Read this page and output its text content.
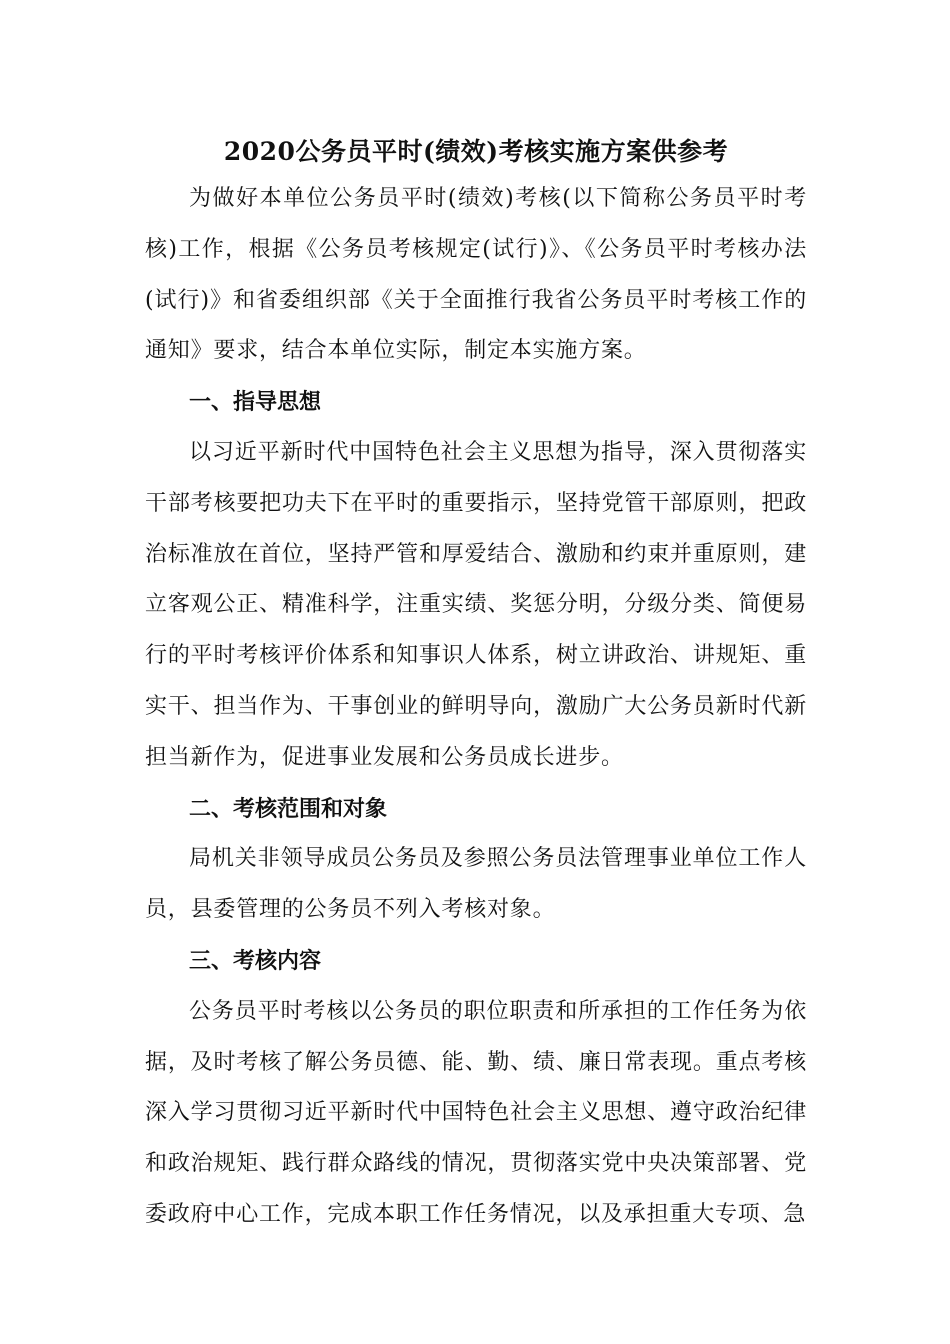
2020公务员平时(绩效)考核实施方案供参考

为做好本单位公务员平时(绩效)考核(以下简称公务员平时考核)工作，根据《公务员考核规定(试行)》、《公务员平时考核办法(试行)》和省委组织部《关于全面推行我省公务员平时考核工作的通知》要求，结合本单位实际，制定本实施方案。

一、指导思想

以习近平新时代中国特色社会主义思想为指导，深入贯彻落实干部考核要把功夫下在平时的重要指示，坚持党管干部原则，把政治标准放在首位，坚持严管和厚爱结合、激励和约束并重原则，建立客观公正、精准科学，注重实绩、奖惩分明，分级分类、简便易行的平时考核评价体系和知事识人体系，树立讲政治、讲规矩、重实干、担当作为、干事创业的鲜明导向，激励广大公务员新时代新担当新作为，促进事业发展和公务员成长进步。

二、考核范围和对象

局机关非领导成员公务员及参照公务员法管理事业单位工作人员，县委管理的公务员不列入考核对象。

三、考核内容

公务员平时考核以公务员的职位职责和所承担的工作任务为依据，及时考核了解公务员德、能、勤、绩、廉日常表现。重点考核深入学习贯彻习近平新时代中国特色社会主义思想、遵守政治纪律和政治规矩、践行群众路线的情况，贯彻落实党中央决策部署、党委政府中心工作，完成本职工作任务情况，以及承担重大专项、急
